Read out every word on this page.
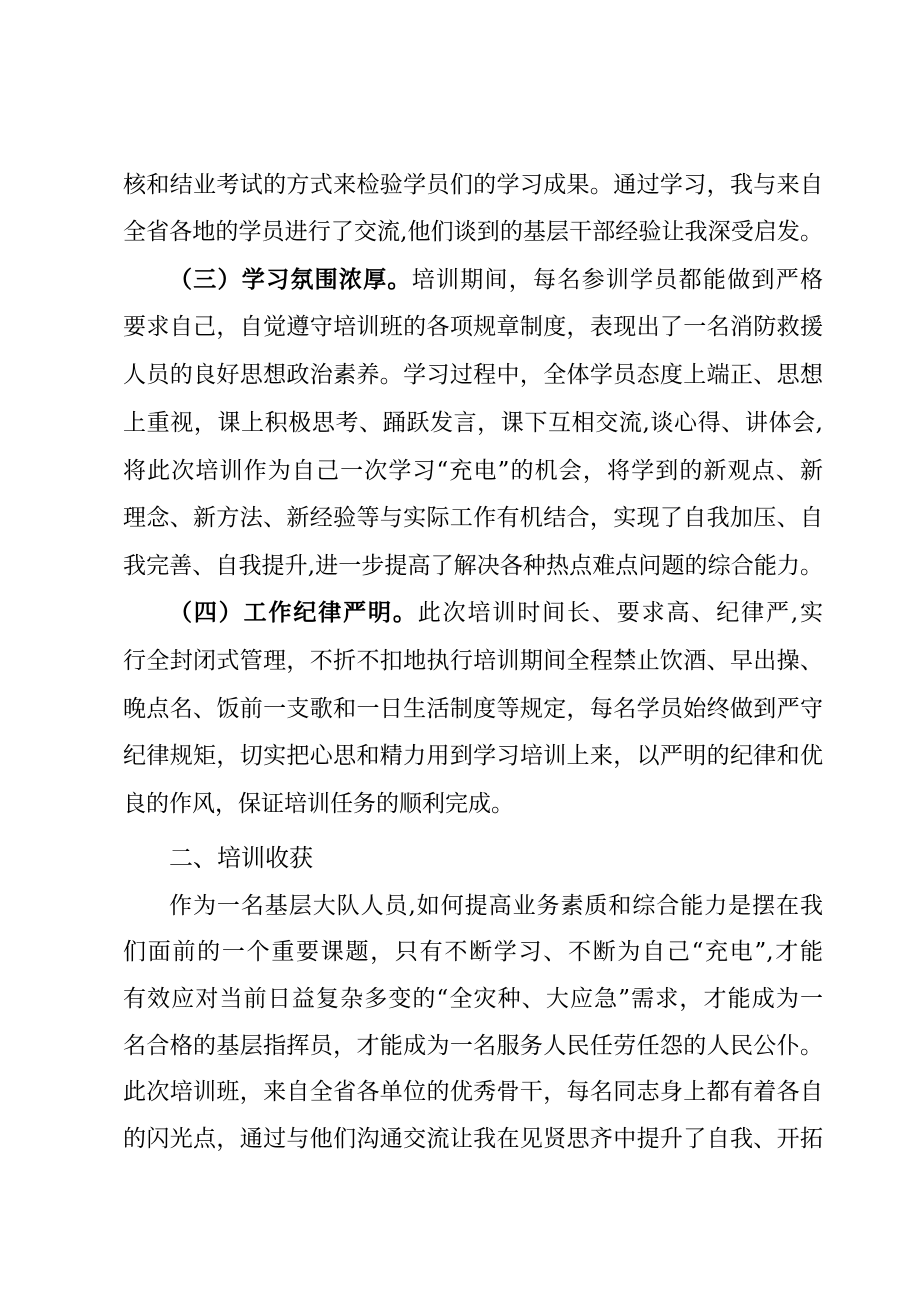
核和结业考试的方式来检验学员们的学习成果。通过学习，我与来自
全省各地的学员进行了交流,他们谈到的基层干部经验让我深受启发。
（三）学习氛围浓厚。培训期间，每名参训学员都能做到严格
要求自己，自觉遵守培训班的各项规章制度，表现出了一名消防救援
人员的良好思想政治素养。学习过程中，全体学员态度上端正、思想
上重视，课上积极思考、踊跃发言，课下互相交流,谈心得、讲体会,
将此次培训作为自己一次学习“充电”的机会，将学到的新观点、新
理念、新方法、新经验等与实际工作有机结合，实现了自我加压、自
我完善、自我提升,进一步提高了解决各种热点难点问题的综合能力。
（四）工作纪律严明。此次培训时间长、要求高、纪律严,实
行全封闭式管理，不折不扣地执行培训期间全程禁止饮酒、早出操、
晚点名、饭前一支歌和一日生活制度等规定，每名学员始终做到严守
纪律规矩，切实把心思和精力用到学习培训上来，以严明的纪律和优
良的作风，保证培训任务的顺利完成。
二、培训收获
作为一名基层大队人员,如何提高业务素质和综合能力是摆在我
们面前的一个重要课题，只有不断学习、不断为自己“充电”,才能
有效应对当前日益复杂多变的“全灾种、大应急”需求，才能成为一
名合格的基层指挥员，才能成为一名服务人民任劳任怨的人民公仆。
此次培训班，来自全省各单位的优秀骨干，每名同志身上都有着各自
的闪光点，通过与他们沟通交流让我在见贤思齐中提升了自我、开拓
